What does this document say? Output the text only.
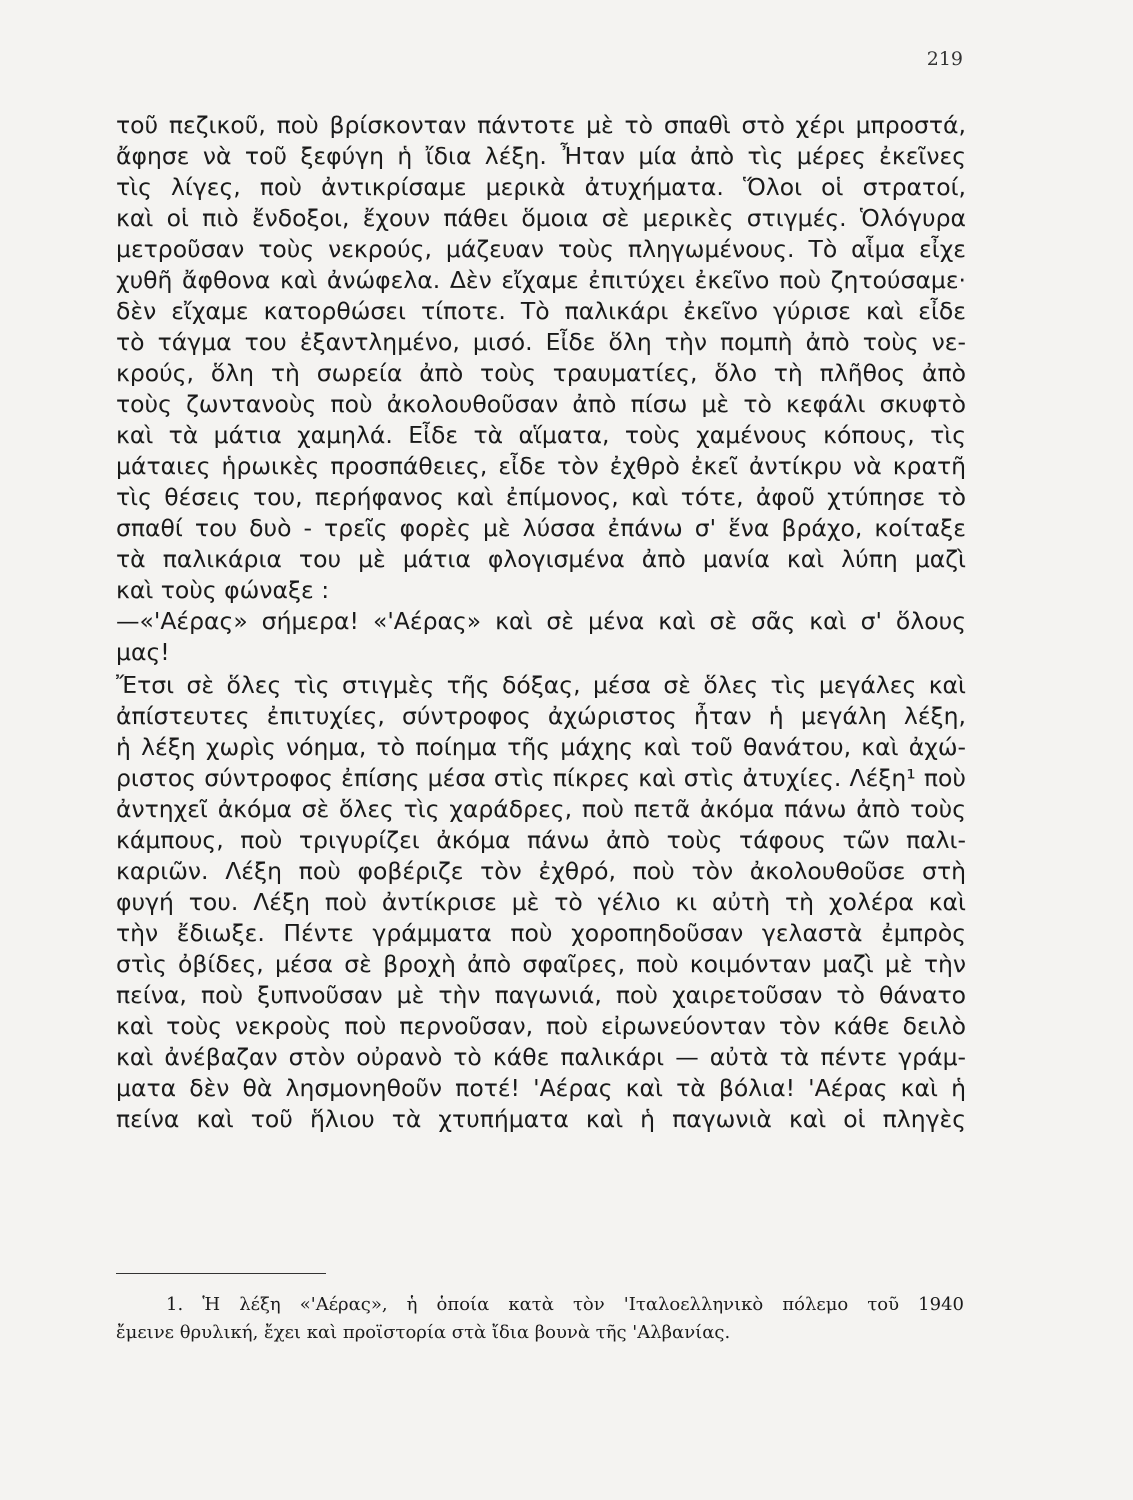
219
τοῦ πεζικοῦ, ποὺ βρίσκονταν πάντοτε μὲ τὸ σπαθὶ στὸ χέρι μπροστά,
ἄφησε νὰ τοῦ ξεφύγη ἡ ἴδια λέξη. Ἦταν μία ἀπὸ τὶς μέρες ἐκεῖνες
τὶς λίγες, ποὺ ἀντικρίσαμε μερικὰ ἀτυχήματα. Ὅλοι οἱ στρατοί,
καὶ οἱ πιὸ ἔνδοξοι, ἔχουν πάθει ὅμοια σὲ μερικὲς στιγμές. Ὁλόγυρα
μετροῦσαν τοὺς νεκρούς, μάζευαν τοὺς πληγωμένους. Τὸ αἷμα εἶχε
χυθῆ ἄφθονα καὶ ἀνώφελα. Δὲν εἴχαμε ἐπιτύχει ἐκεῖνο ποὺ ζητούσαμε·
δὲν εἴχαμε κατορθώσει τίποτε. Τὸ παλικάρι ἐκεῖνο γύρισε καὶ εἶδε
τὸ τάγμα του ἐξαντλημένο, μισό. Εἶδε ὅλη τὴν πομπὴ ἀπὸ τοὺς νε-
κρούς, ὅλη τὴ σωρεία ἀπὸ τοὺς τραυματίες, ὅλο τὴ πλῆθος ἀπὸ
τοὺς ζωντανοὺς ποὺ ἀκολουθοῦσαν ἀπὸ πίσω μὲ τὸ κεφάλι σκυφτὸ
καὶ τὰ μάτια χαμηλά. Εἶδε τὰ αἵματα, τοὺς χαμένους κόπους, τὶς
μάταιες ἡρωικὲς προσπάθειες, εἶδε τὸν ἐχθρὸ ἐκεῖ ἀντίκρυ νὰ κρατῆ
τὶς θέσεις του, περήφανος καὶ ἐπίμονος, καὶ τότε, ἀφοῦ χτύπησε τὸ
σπαθί του δυὸ - τρεῖς φορὲς μὲ λύσσα ἐπάνω σ' ἕνα βράχο, κοίταξε
τὰ παλικάρια του μὲ μάτια φλογισμένα ἀπὸ μανία καὶ λύπη μαζὶ
καὶ τοὺς φώναξε :
—«'Αέρας» σήμερα! «'Αέρας» καὶ σὲ μένα καὶ σὲ σᾶς καὶ σ' ὅλους
μας!
Ἔτσι σὲ ὅλες τὶς στιγμὲς τῆς δόξας, μέσα σὲ ὅλες τὶς μεγάλες καὶ
ἀπίστευτες ἐπιτυχίες, σύντροφος ἀχώριστος ἦταν ἡ μεγάλη λέξη,
ἡ λέξη χωρὶς νόημα, τὸ ποίημα τῆς μάχης καὶ τοῦ θανάτου, καὶ ἀχώ-
ριστος σύντροφος ἐπίσης μέσα στὶς πίκρες καὶ στὶς ἀτυχίες. Λέξη¹ ποὺ
ἀντηχεῖ ἀκόμα σὲ ὅλες τὶς χαράδρες, ποὺ πετᾶ ἀκόμα πάνω ἀπὸ τοὺς
κάμπους, ποὺ τριγυρίζει ἀκόμα πάνω ἀπὸ τοὺς τάφους τῶν παλι-
καριῶν. Λέξη ποὺ φοβέριζε τὸν ἐχθρό, ποὺ τὸν ἀκολουθοῦσε στὴ
φυγή του. Λέξη ποὺ ἀντίκρισε μὲ τὸ γέλιο κι αὐτὴ τὴ χολέρα καὶ
τὴν ἔδιωξε. Πέντε γράμματα ποὺ χοροπηδοῦσαν γελαστὰ ἐμπρὸς
στὶς ὀβίδες, μέσα σὲ βροχὴ ἀπὸ σφαῖρες, ποὺ κοιμόνταν μαζὶ μὲ τὴν
πείνα, ποὺ ξυπνοῦσαν μὲ τὴν παγωνιά, ποὺ χαιρετοῦσαν τὸ θάνατο
καὶ τοὺς νεκροὺς ποὺ περνοῦσαν, ποὺ εἰρωνεύονταν τὸν κάθε δειλὸ
καὶ ἀνέβαζαν στὸν οὐρανὸ τὸ κάθε παλικάρι — αὐτὰ τὰ πέντε γράμ-
ματα δὲν θὰ λησμονηθοῦν ποτέ! 'Αέρας καὶ τὰ βόλια! 'Αέρας καὶ ἡ
πείνα καὶ τοῦ ἥλιου τὰ χτυπήματα καὶ ἡ παγωνιὰ καὶ οἱ πληγὲς
1. Ἡ λέξη «'Αέρας», ἡ ὁποία κατὰ τὸν 'Ιταλοελληνικὸ πόλεμο τοῦ 1940
ἔμεινε θρυλική, ἔχει καὶ προϊστορία στὰ ἴδια βουνὰ τῆς 'Αλβανίας.
